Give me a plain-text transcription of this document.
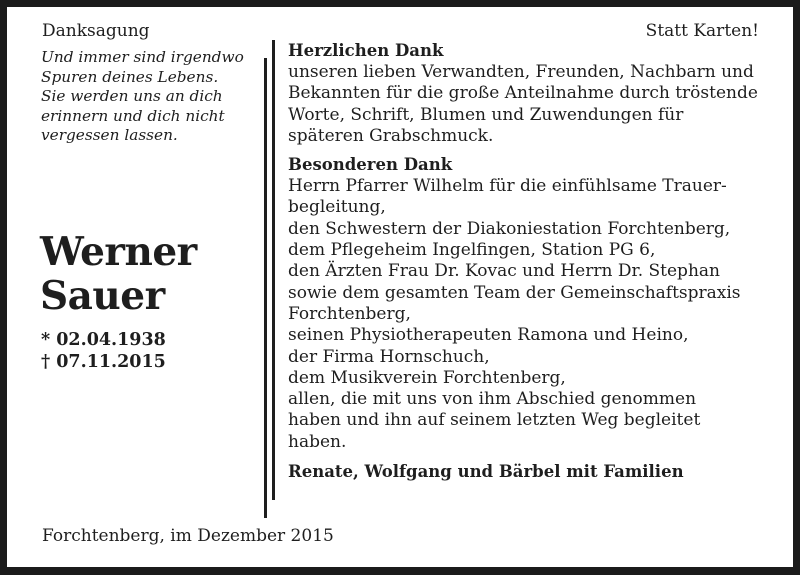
Danksagung	Statt Karten!
Und immer sind irgendwo
Spuren deines Lebens.
Sie werden uns an dich
erinnern und dich nicht
vergessen lassen.
Werner
Sauer
* 02.04.1938
† 07.11.2015
Herzlichen Dank
unseren lieben Verwandten, Freunden, Nachbarn und
Bekannten für die große Anteilnahme durch tröstende
Worte, Schrift, Blumen und Zuwendungen für
späteren Grabschmuck.
Besonderen Dank
Herrn Pfarrer Wilhelm für die einfühlsame Trauer-
begleitung,
den Schwestern der Diakoniestation Forchtenberg,
dem Pflegeheim Ingelfingen, Station PG 6,
den Ärzten Frau Dr. Kovac und Herrn Dr. Stephan
sowie dem gesamten Team der Gemeinschaftspraxis
Forchtenberg,
seinen Physiotherapeuten Ramona und Heino,
der Firma Hornschuch,
dem Musikverein Forchtenberg,
allen, die mit uns von ihm Abschied genommen
haben und ihn auf seinem letzten Weg begleitet
haben.
Renate, Wolfgang und Bärbel mit Familien
Forchtenberg, im Dezember 2015
